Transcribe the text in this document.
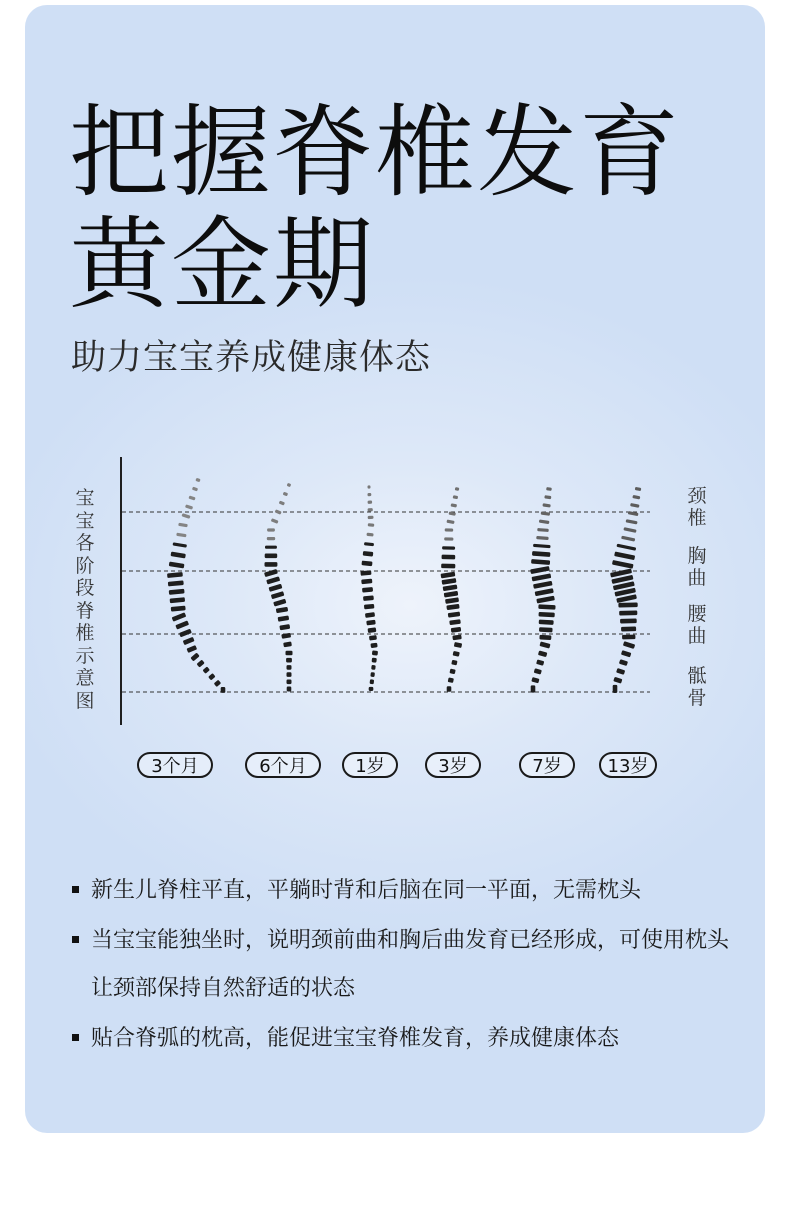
把握脊椎发育
黄金期
助力宝宝养成健康体态
宝宝各阶段脊椎示意图
颈椎
胸曲
腰曲
骶骨
3个月	6个月	1岁	3岁	7岁	13岁
新生儿脊柱平直，平躺时背和后脑在同一平面，无需枕头
当宝宝能独坐时，说明颈前曲和胸后曲发育已经形成，可使用枕头让颈部保持自然舒适的状态
贴合脊弧的枕高，能促进宝宝脊椎发育，养成健康体态
